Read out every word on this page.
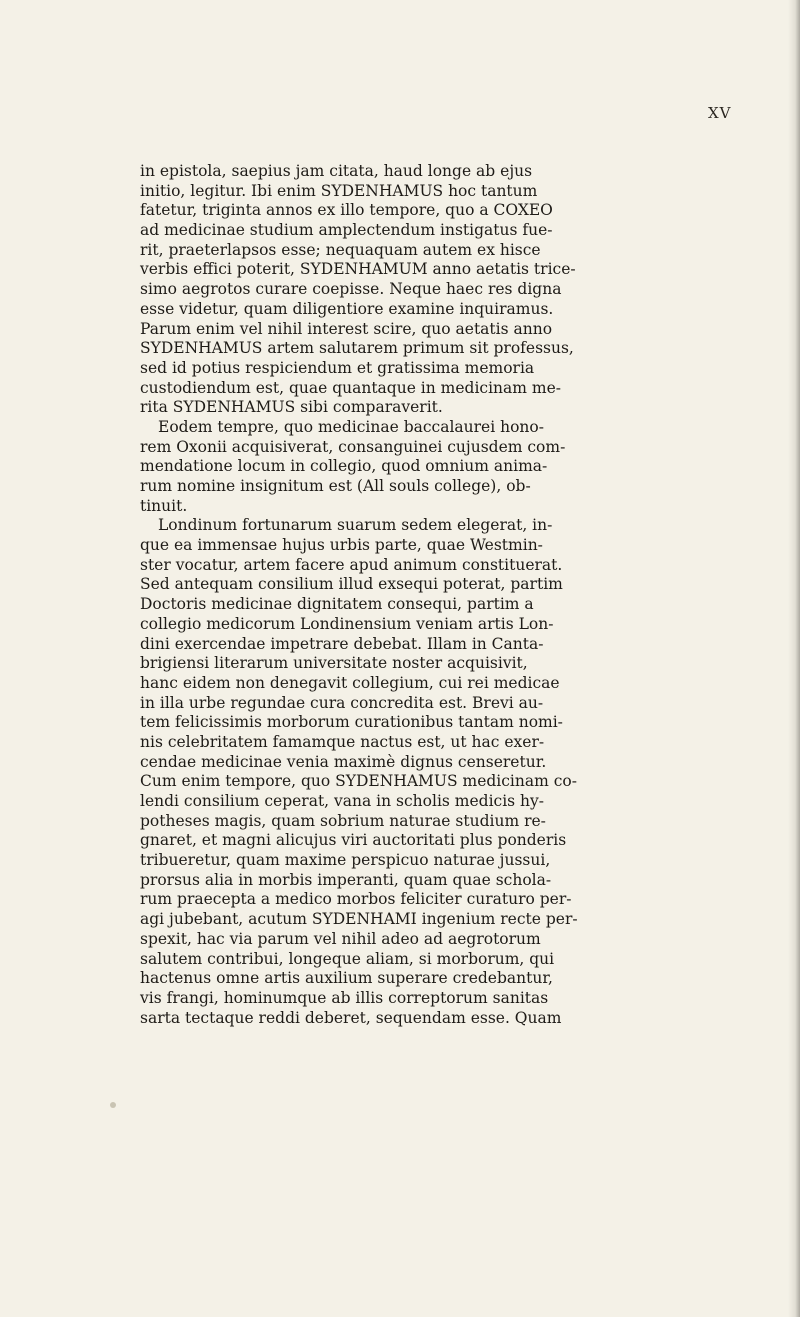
XV
in epistola, saepius jam citata, haud longe ab ejus
initio, legitur. Ibi enim SYDENHAMUS hoc tantum
fatetur, triginta annos ex illo tempore, quo a COXEO
ad medicinae studium amplectendum instigatus fue-
rit, praeterlapsos esse; nequaquam autem ex hisce
verbis effici poterit, SYDENHAMUM anno aetatis trice-
simo aegrotos curare coepisse. Neque haec res digna
esse videtur, quam diligentiore examine inquiramus.
Parum enim vel nihil interest scire, quo aetatis anno
SYDENHAMUS artem salutarem primum sit professus,
sed id potius respiciendum et gratissima memoria
custodiendum est, quae quantaque in medicinam me-
rita SYDENHAMUS sibi comparaverit.
Eodem tempre, quo medicinae baccalaurei hono-
rem Oxonii acquisiverat, consanguinei cujusdem com-
mendatione locum in collegio, quod omnium anima-
rum nomine insignitum est (All souls college), ob-
tinuit.
Londinum fortunarum suarum sedem elegerat, in-
que ea immensae hujus urbis parte, quae Westmin-
ster vocatur, artem facere apud animum constituerat.
Sed antequam consilium illud exsequi poterat, partim
Doctoris medicinae dignitatem consequi, partim a
collegio medicorum Londinensium veniam artis Lon-
dini exercendae impetrare debebat. Illam in Canta-
brigiensi literarum universitate noster acquisivit,
hanc eidem non denegavit collegium, cui rei medicae
in illa urbe regundae cura concredita est. Brevi au-
tem felicissimis morborum curationibus tantam nomi-
nis celebritatem famamque nactus est, ut hac exer-
cendae medicinae venia maximè dignus censeretur.
Cum enim tempore, quo SYDENHAMUS medicinam co-
lendi consilium ceperat, vana in scholis medicis hy-
potheses magis, quam sobrium naturae studium re-
gnaret, et magni alicujus viri auctoritati plus ponderis
tribueretur, quam maxime perspicuo naturae jussui,
prorsus alia in morbis imperanti, quam quae schola-
rum praecepta a medico morbos feliciter curaturo per-
agi jubebant, acutum SYDENHAMI ingenium recte per-
spexit, hac via parum vel nihil adeo ad aegrotorum
salutem contribui, longeque aliam, si morborum, qui
hactenus omne artis auxilium superare credebantur,
vis frangi, hominumque ab illis correptorum sanitas
sarta tectaque reddi deberet, sequendam esse. Quam
